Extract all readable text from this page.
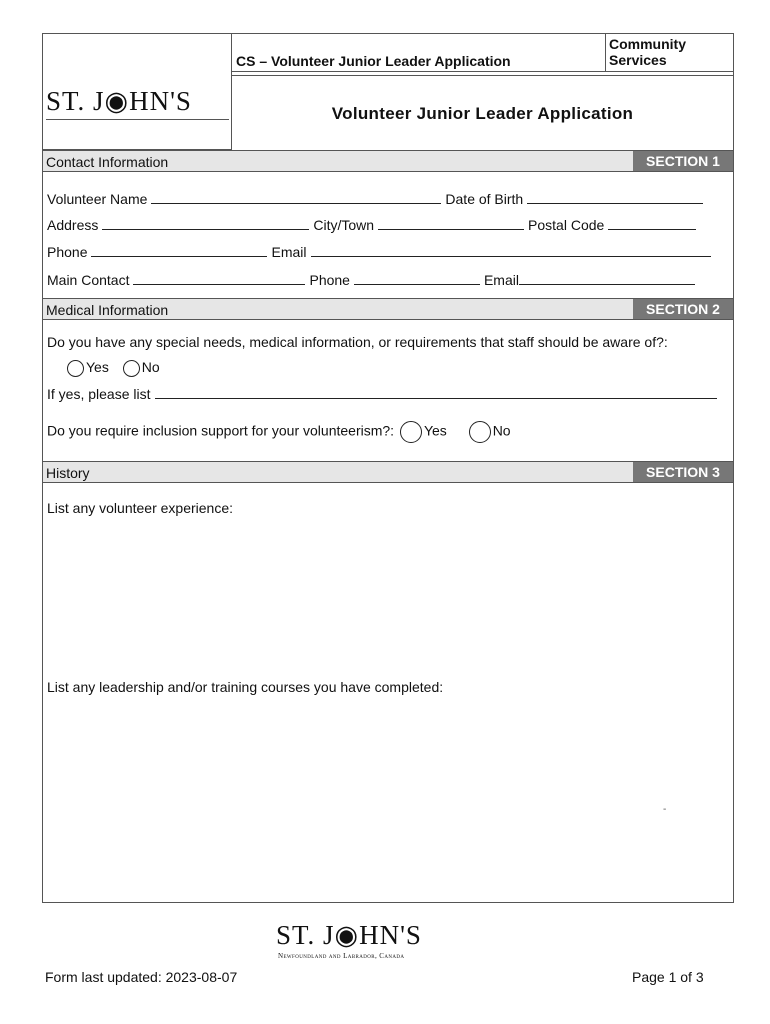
ST. J◉HN'S
CS – Volunteer Junior Leader Application
Community Services
Volunteer Junior Leader Application
Contact Information	SECTION 1
Volunteer Name	Date of Birth
Address	City/Town	Postal Code
Phone	Email
Main Contact	Phone	Email
Medical Information	SECTION 2
Do you have any special needs, medical information, or requirements that staff should be aware of?:
Yes No
If yes, please list
Do you require inclusion support for your volunteerism?: Yes	No
History	SECTION 3
List any volunteer experience:
List any leadership and/or training courses you have completed:
-
ST. J◉HN'S
Newfoundland and Labrador, Canada
Form last updated: 2023-08-07	Page 1 of 3
